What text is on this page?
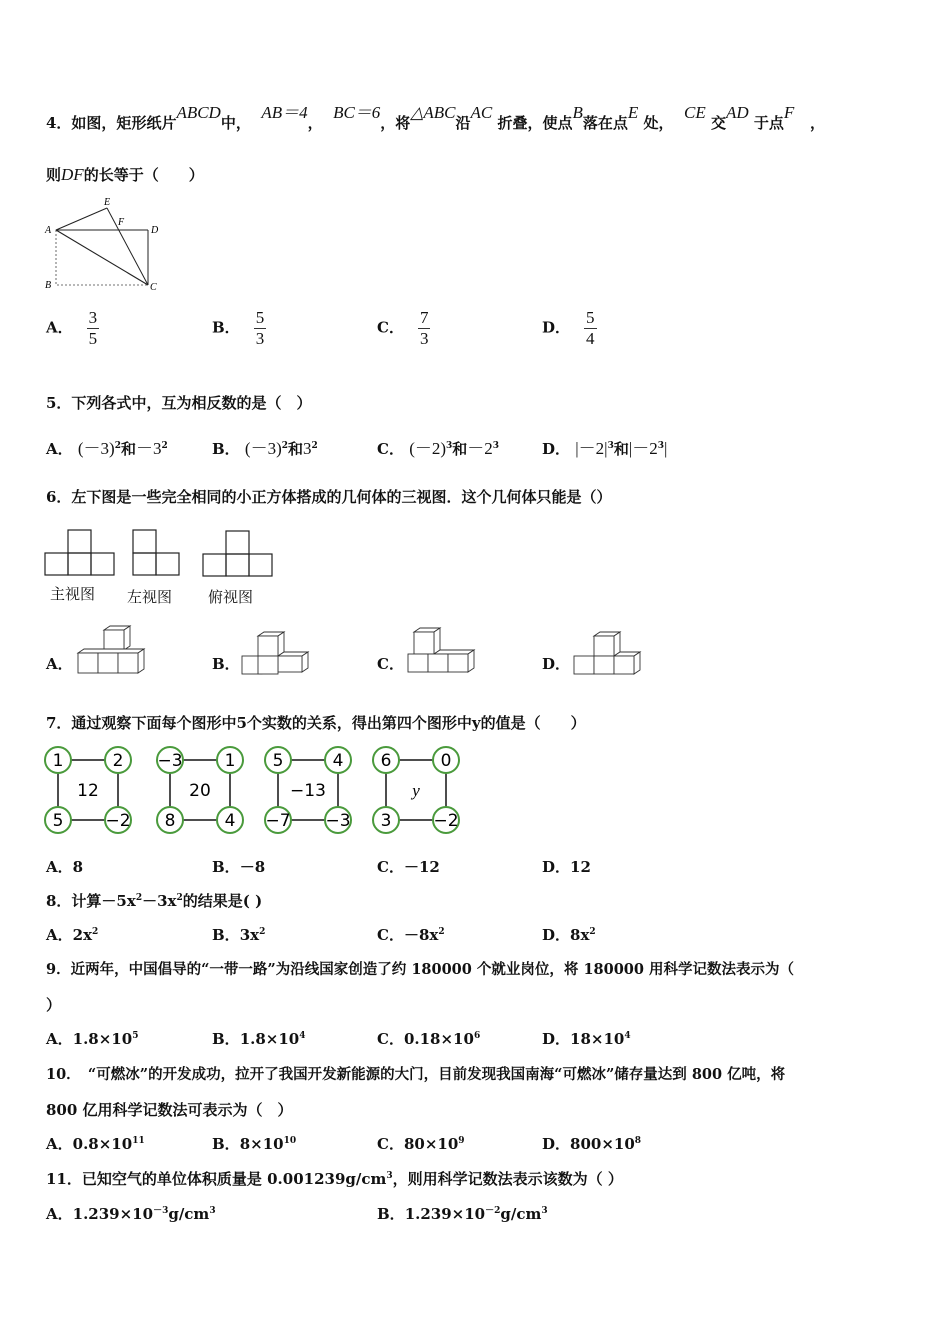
4．如图，矩形纸片ABCD中，  AB＝4，  BC＝6，将△ABC沿AC 折叠，使点B落在点E 处，  CE 交AD 于点F   ，
则DF的长等于（　　）
A
B	C
D
E
F
A． $\frac{3}{5}$	B． $\frac{5}{3}$	C． $\frac{7}{3}$	D． $\frac{5}{4}$
5．下列各式中，互为相反数的是（　）
A． $(-3)^2$和$-3^2$	B． $(-3)^2$和$3^2$	C． $(-2)^3$和$-2^3$	D． $|-2|^3$和$|-2^3|$
6．左下图是一些完全相同的小正方体搭成的几何体的三视图．这个几何体只能是（）
主视图 左视图 俯视图
A．	B．	C．	D．
7．通过观察下面每个图形中5个实数的关系，得出第四个图形中y的值是（　　）
1	2
5 −2
12
−3 1
8	4
20
5	4
−7 −3
−13
6	0
3 −2
y
A．8	B．－8	C．－12	D．12
8．计算$-5x^2-3x^2$的结果是( )
A．$2x^2$	B．$3x^2$	C．$-8x^2$	D．$8x^2$
9．近两年，中国倡导的“一带一路”为沿线国家创造了约 180000 个就业岗位，将 180000 用科学记数法表示为（
）
A．$1.8\times 10^5$	B．$1.8\times 10^4$	C．$0.18\times 10^6$	D．$18\times 10^4$
10．　“可燃冰”的开发成功，拉开了我国开发新能源的大门，目前发现我国南海“可燃冰”储存量达到 800 亿吨，将
800 亿用科学记数法可表示为（　）
A．$0.8\times 10^{11}$	B．$8\times 10^{10}$	C．$80\times 10^9$	D．$800\times 10^8$
11．已知空气的单位体积质量是 $0.001239g/cm^3$，则用科学记数法表示该数为（ ）
A．$1.239\times 10^{-3}g/cm^3$	B．$1.239\times 10^{-2}g/cm^3$
